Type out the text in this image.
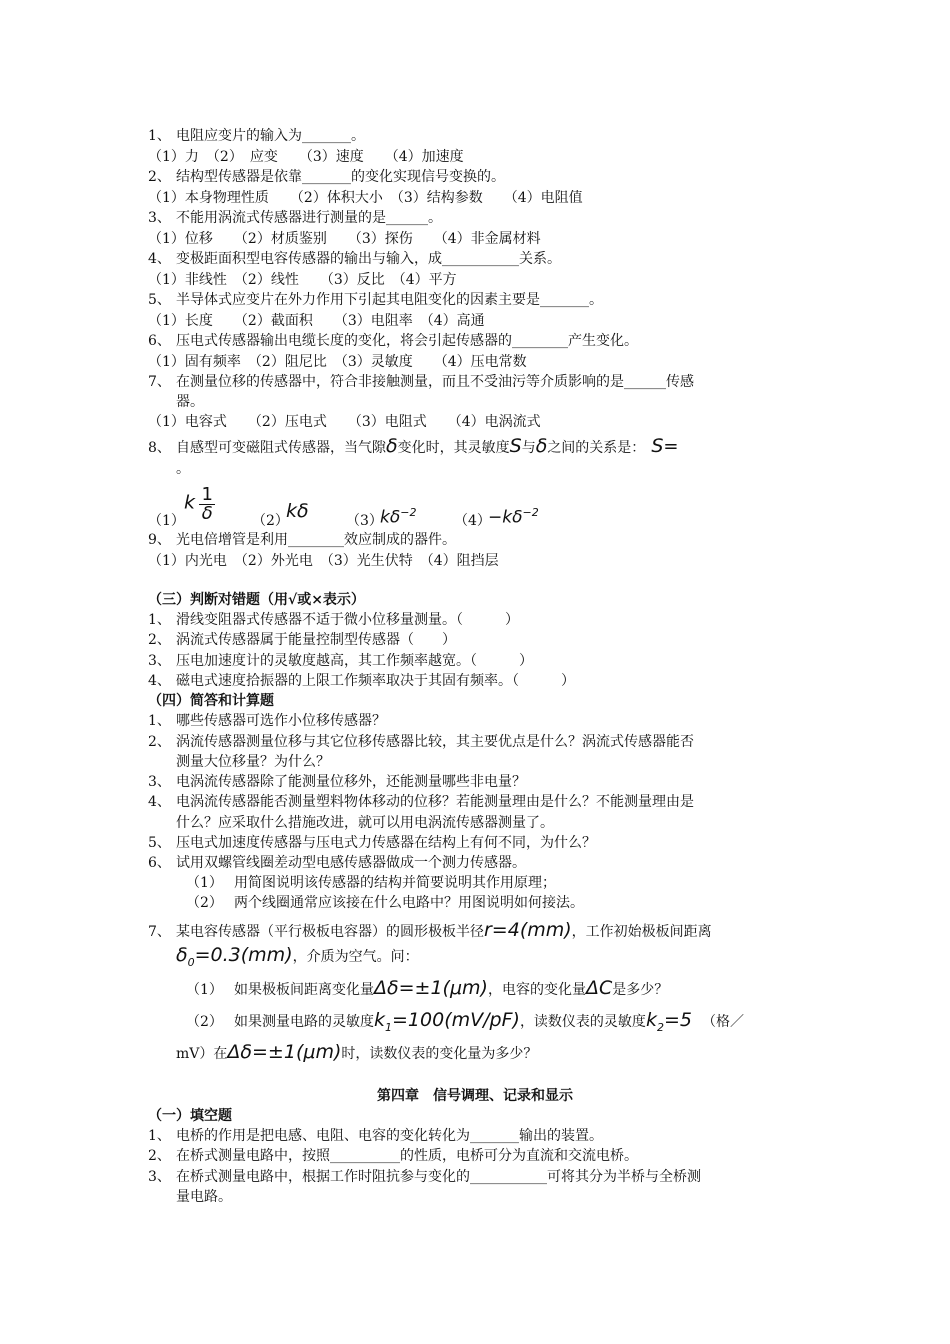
1、 电阻应变片的输入为_______。
（1）力　（2）　应变　　（3）速度　　（4）加速度
2、 结构型传感器是依靠_______的变化实现信号变换的。
（1）本身物理性质　　（2）体积大小　（3）结构参数　　（4）电阻值
3、 不能用涡流式传感器进行测量的是______。
（1）位移　　（2）材质鉴别　　（3）探伤　　（4）非金属材料
4、 变极距面积型电容传感器的输出与输入，成___________关系。
（1）非线性　（2）线性　　（3）反比　（4）平方
5、 半导体式应变片在外力作用下引起其电阻变化的因素主要是_______。
（1）长度　　（2）截面积　　（3）电阻率　（4）高通
6、 压电式传感器输出电缆长度的变化，将会引起传感器的________产生变化。
（1）固有频率　（2）阻尼比　（3）灵敏度　　（4）压电常数
7、 在测量位移的传感器中，符合非接触测量，而且不受油污等介质影响的是______传感
器。
（1）电容式　　（2）压电式　　（3）电阻式　　（4）电涡流式
8、 自感型可变磁阻式传感器，当气隙δ变化时，其灵敏度S与δ之间的关系是： S=
。
（1）
k $\frac{1}{\delta}$	（2）
kδ	（3）
$k\delta^{-2}$
（4）
$-k\delta^{-2}$
9、 光电倍增管是利用________效应制成的器件。
（1）内光电　（2）外光电　（3）光生伏特　（4）阻挡层
（三）判断对错题（用√或×表示）
1、 滑线变阻器式传感器不适于微小位移量测量。（　　　）
2、 涡流式传感器属于能量控制型传感器（　　）
3、 压电加速度计的灵敏度越高，其工作频率越宽。（　　　）
4、 磁电式速度拾振器的上限工作频率取决于其固有频率。（　　　）
（四）简答和计算题
1、 哪些传感器可选作小位移传感器？
2、 涡流传感器测量位移与其它位移传感器比较，其主要优点是什么？涡流式传感器能否
测量大位移量？为什么？
3、 电涡流传感器除了能测量位移外，还能测量哪些非电量？
4、 电涡流传感器能否测量塑料物体移动的位移？若能测量理由是什么？不能测量理由是
什么？应采取什么措施改进，就可以用电涡流传感器测量了。
5、 压电式加速度传感器与压电式力传感器在结构上有何不同，为什么？
6、 试用双螺管线圈差动型电感传感器做成一个测力传感器。
（1） 用简图说明该传感器的结构并简要说明其作用原理；
（2） 两个线圈通常应该接在什么电路中？用图说明如何接法。
7、 某电容传感器（平行极板电容器）的圆形极板半径r=4(mm)，工作初始极板间距离
$\delta_0=0.3(mm)$，介质为空气。问：
（1） 如果极板间距离变化量Δδ=±1(μm)，电容的变化量ΔC是多少？
（2） 如果测量电路的灵敏度$k_1=100(mV/pF)$，读数仪表的灵敏度$k_2=5$ （格／
mV）在Δδ=±1(μm)时，读数仪表的变化量为多少？
第四章　信号调理、记录和显示
（一）填空题
1、 电桥的作用是把电感、电阻、电容的变化转化为_______输出的装置。
2、 在桥式测量电路中，按照__________的性质，电桥可分为直流和交流电桥。
3、 在桥式测量电路中，根据工作时阻抗参与变化的___________可将其分为半桥与全桥测
量电路。
